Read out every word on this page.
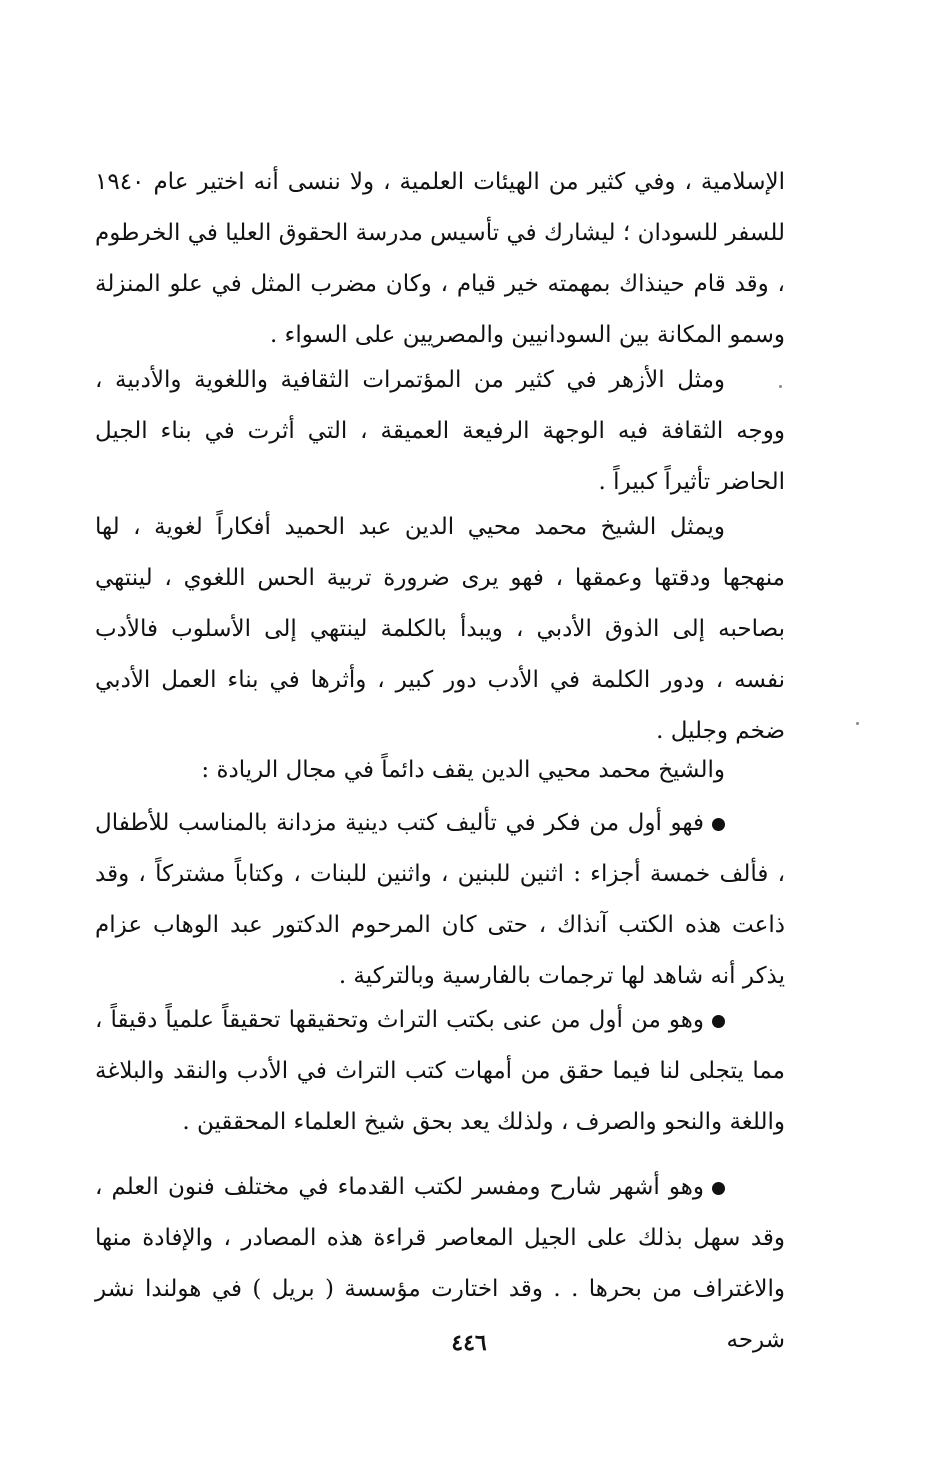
الإسلامية ، وفي كثير من الهيئات العلمية ، ولا ننسى أنه اختير عام ١٩٤٠ للسفر للسودان ؛ ليشارك في تأسيس مدرسة الحقوق العليا في الخرطوم ، وقد قام حينذاك بمهمته خير قيام ، وكان مضرب المثل في علو المنزلة وسمو المكانة بين السودانيين والمصريين على السواء .

ومثل الأزهر في كثير من المؤتمرات الثقافية واللغوية والأدبية ، ووجه الثقافة فيه الوجهة الرفيعة العميقة ، التي أثرت في بناء الجيل الحاضر تأثيراً كبيراً .

ويمثل الشيخ محمد محيي الدين عبد الحميد أفكاراً لغوية ، لها منهجها ودقتها وعمقها ، فهو يرى ضرورة تربية الحس اللغوي ، لينتهي بصاحبه إلى الذوق الأدبي ، ويبدأ بالكلمة لينتهي إلى الأسلوب فالأدب نفسه ، ودور الكلمة في الأدب دور كبير ، وأثرها في بناء العمل الأدبي ضخم وجليل .

والشيخ محمد محيي الدين يقف دائماً في مجال الريادة :

فهو أول من فكر في تأليف كتب دينية مزدانة بالمناسب للأطفال ، فألف خمسة أجزاء : اثنين للبنين ، واثنين للبنات ، وكتاباً مشتركاً ، وقد ذاعت هذه الكتب آنذاك ، حتى كان المرحوم الدكتور عبد الوهاب عزام يذكر أنه شاهد لها ترجمات بالفارسية وبالتركية .

وهو من أول من عنى بكتب التراث وتحقيقها تحقيقاً علمياً دقيقاً ، مما يتجلى لنا فيما حقق من أمهات كتب التراث في الأدب والنقد والبلاغة واللغة والنحو والصرف ، ولذلك يعد بحق شيخ العلماء المحققين .

وهو أشهر شارح ومفسر لكتب القدماء في مختلف فنون العلم ، وقد سهل بذلك على الجيل المعاصر قراءة هذه المصادر ، والإفادة منها والاغتراف من بحرها . . وقد اختارت مؤسسة ( بريل ) في هولندا نشر شرحه

٤٤٦
